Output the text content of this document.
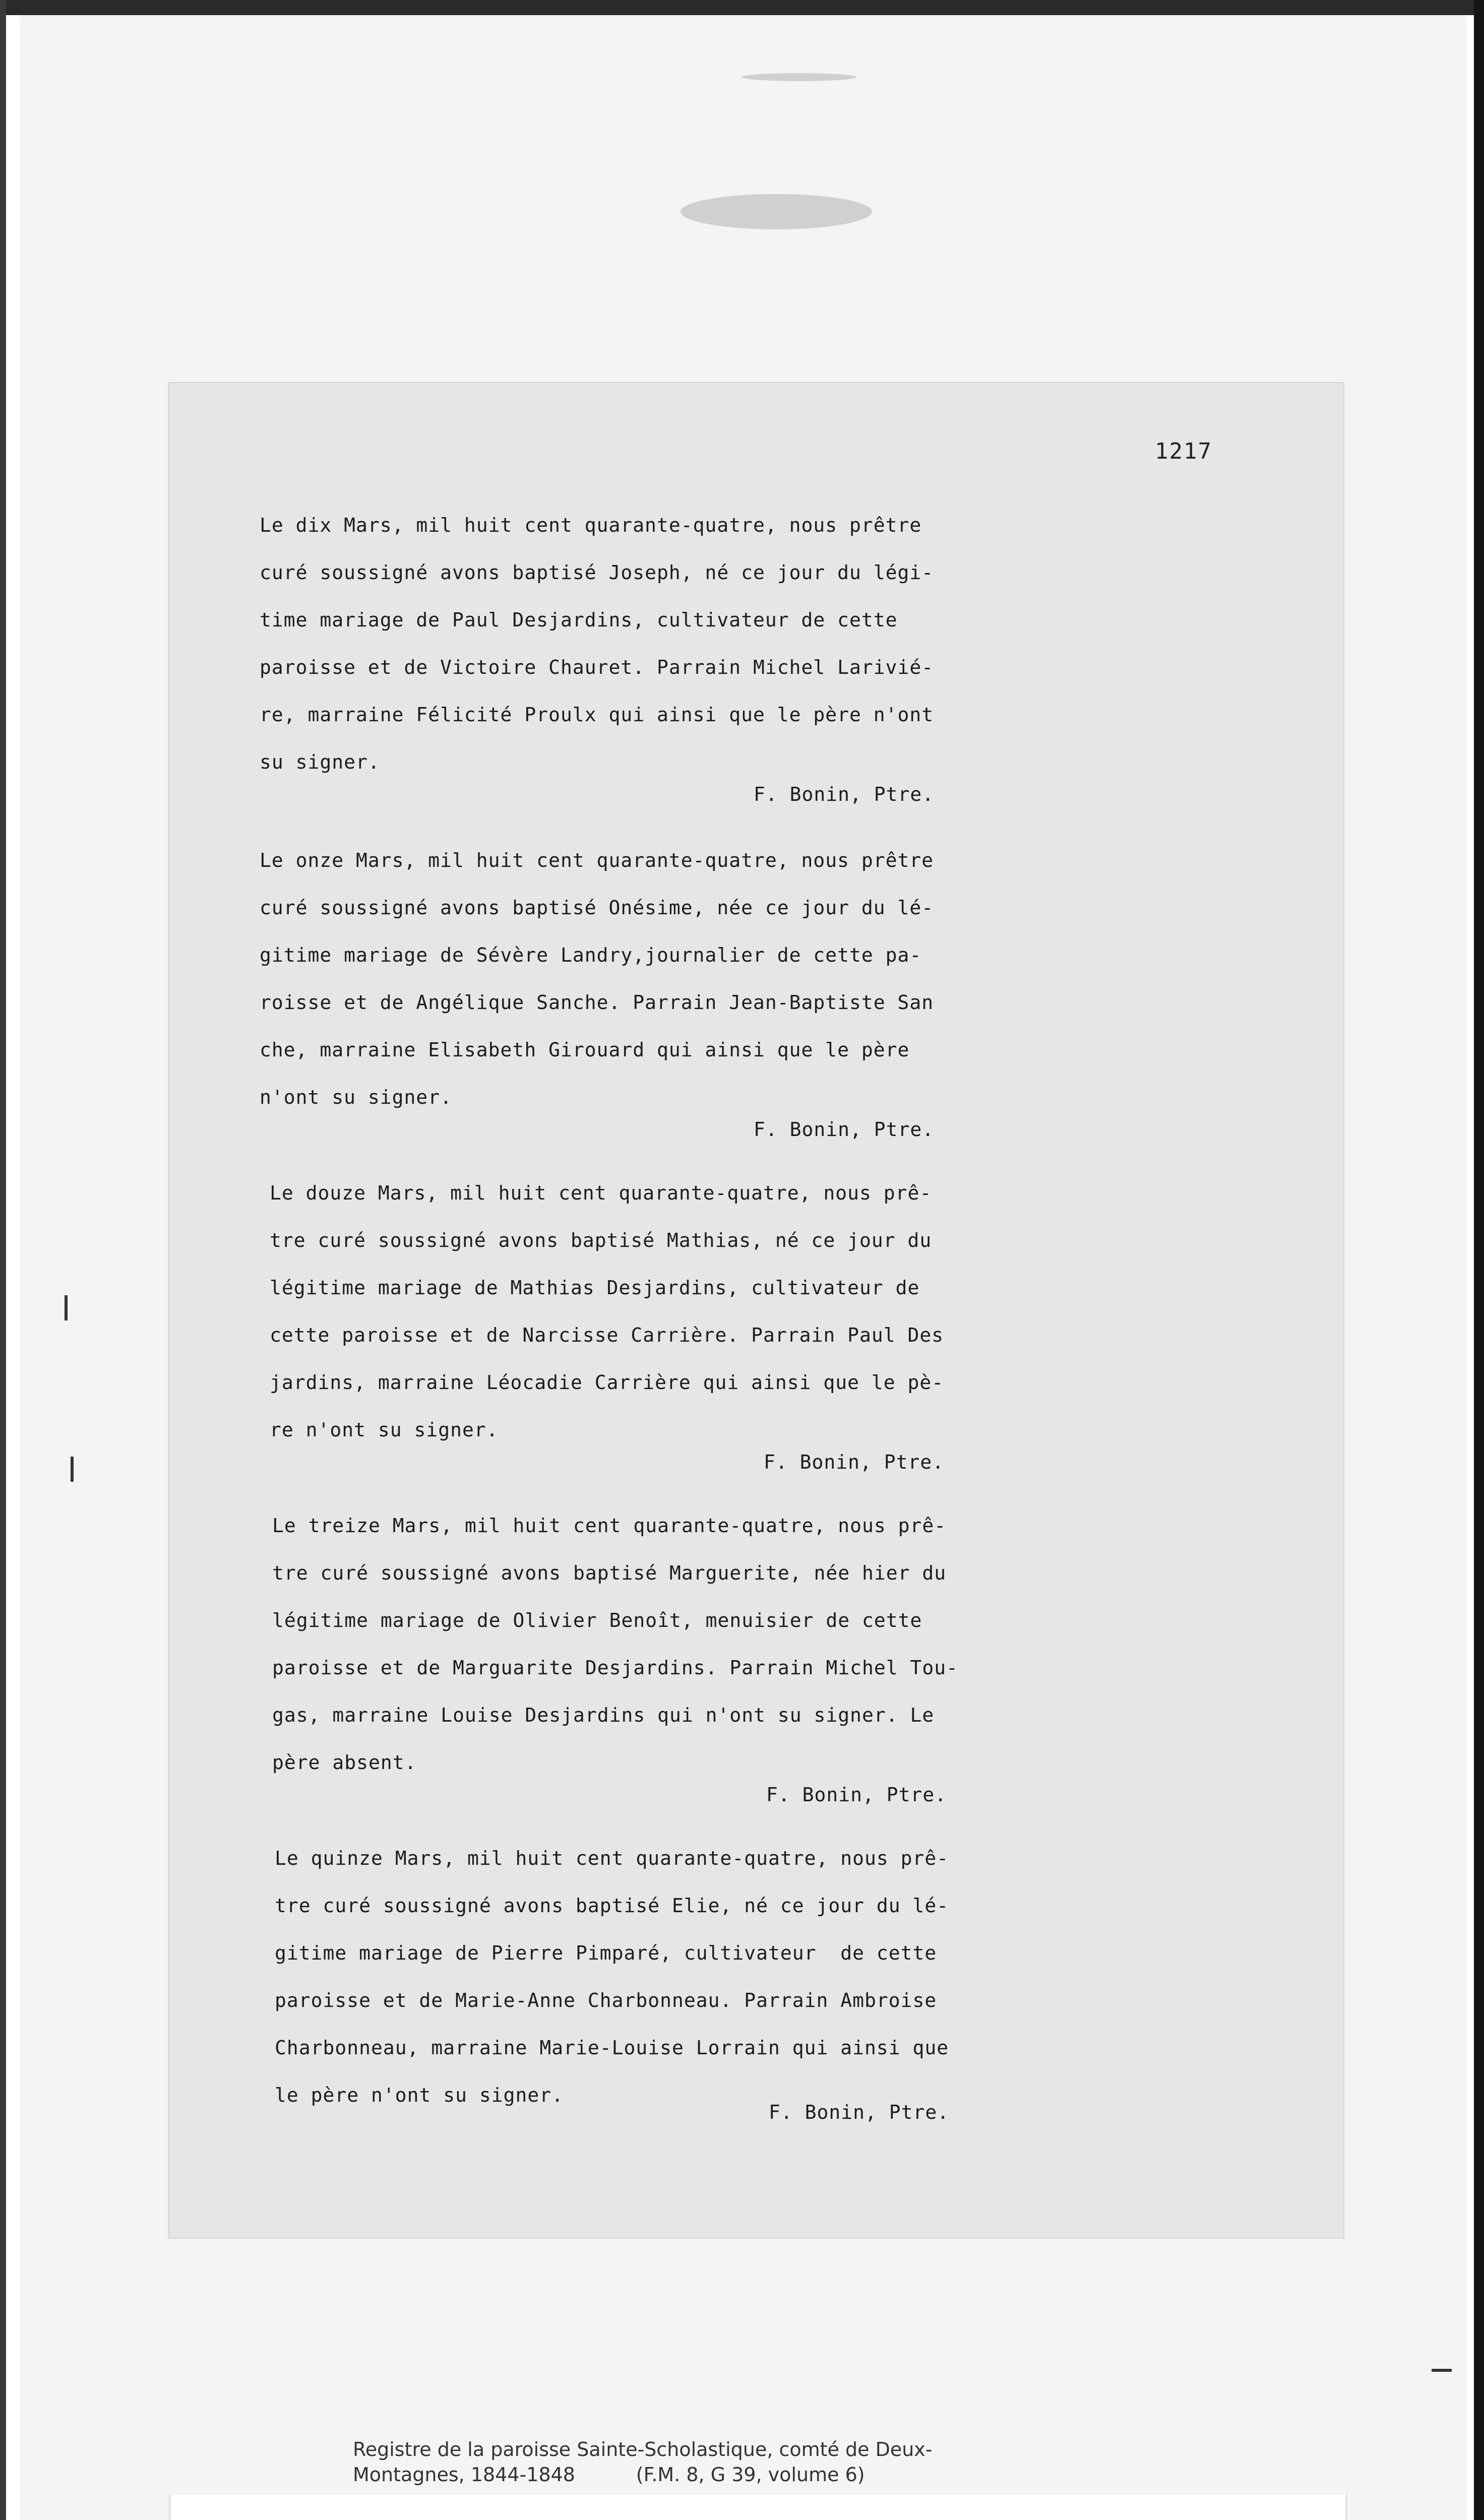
1217
Le dix Mars, mil huit cent quarante-quatre, nous prêtre
curé soussigné avons baptisé Joseph, né ce jour du légi-
time mariage de Paul Desjardins, cultivateur de cette
paroisse et de Victoire Chauret. Parrain Michel Larivié-
re, marraine Félicité Proulx qui ainsi que le père n'ont
su signer.
F. Bonin, Ptre.
Le onze Mars, mil huit cent quarante-quatre, nous prêtre
curé soussigné avons baptisé Onésime, née ce jour du lé-
gitime mariage de Sévère Landry,journalier de cette pa-
roisse et de Angélique Sanche. Parrain Jean-Baptiste San
che, marraine Elisabeth Girouard qui ainsi que le père
n'ont su signer.
F. Bonin, Ptre.
Le douze Mars, mil huit cent quarante-quatre, nous prê-
tre curé soussigné avons baptisé Mathias, né ce jour du
légitime mariage de Mathias Desjardins, cultivateur de
cette paroisse et de Narcisse Carrière. Parrain Paul Des
jardins, marraine Léocadie Carrière qui ainsi que le pè-
re n'ont su signer.
F. Bonin, Ptre.
Le treize Mars, mil huit cent quarante-quatre, nous prê-
tre curé soussigné avons baptisé Marguerite, née hier du
légitime mariage de Olivier Benoît, menuisier de cette
paroisse et de Marguarite Desjardins. Parrain Michel Tou-
gas, marraine Louise Desjardins qui n'ont su signer. Le
père absent.
F. Bonin, Ptre.
Le quinze Mars, mil huit cent quarante-quatre, nous prê-
tre curé soussigné avons baptisé Elie, né ce jour du lé-
gitime mariage de Pierre Pimparé, cultivateur  de cette
paroisse et de Marie-Anne Charbonneau. Parrain Ambroise
Charbonneau, marraine Marie-Louise Lorrain qui ainsi que
le père n'ont su signer.
F. Bonin, Ptre.
Registre de la paroisse Sainte-Scholastique, comté de Deux-
Montagnes, 1844-1848          (F.M. 8, G 39, volume 6)
